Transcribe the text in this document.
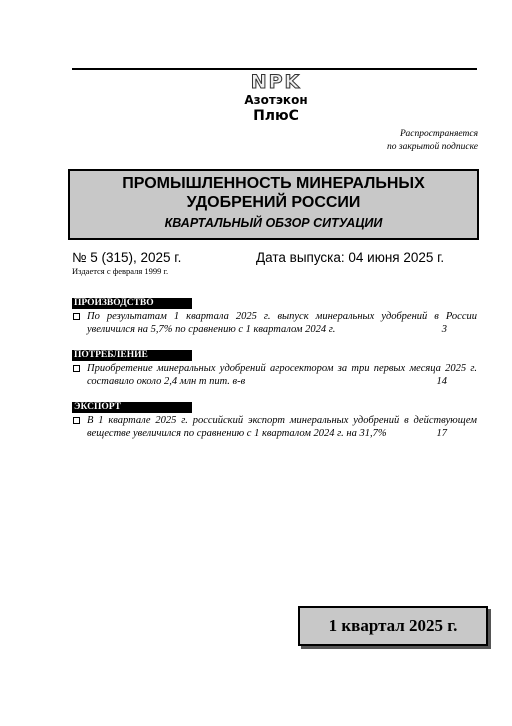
NPK
Азотэкон
ПлюС
Распространяется
по закрытой подписке
ПРОМЫШЛЕННОСТЬ МИНЕРАЛЬНЫХ
УДОБРЕНИЙ РОССИИ
КВАРТАЛЬНЫЙ ОБЗОР СИТУАЦИИ
№ 5 (315), 2025 г.	Дата выпуска: 04 июня 2025 г.
Издается с февраля 1999 г.
ПРОИЗВОДСТВО
По результатам 1 квартала 2025 г. выпуск минеральных удобрений в России увеличился на 5,7% по сравнению с 1 кварталом 2024 г.	3
ПОТРЕБЛЕНИЕ
Приобретение минеральных удобрений агросектором за три первых месяца 2025 г. составило около 2,4 млн т пит. в-в	14
ЭКСПОРТ
В 1 квартале 2025 г. российский экспорт минеральных удобрений в действующем веществе увеличился по сравнению с 1 кварталом 2024 г. на 31,7%	17
1 квартал 2025 г.
